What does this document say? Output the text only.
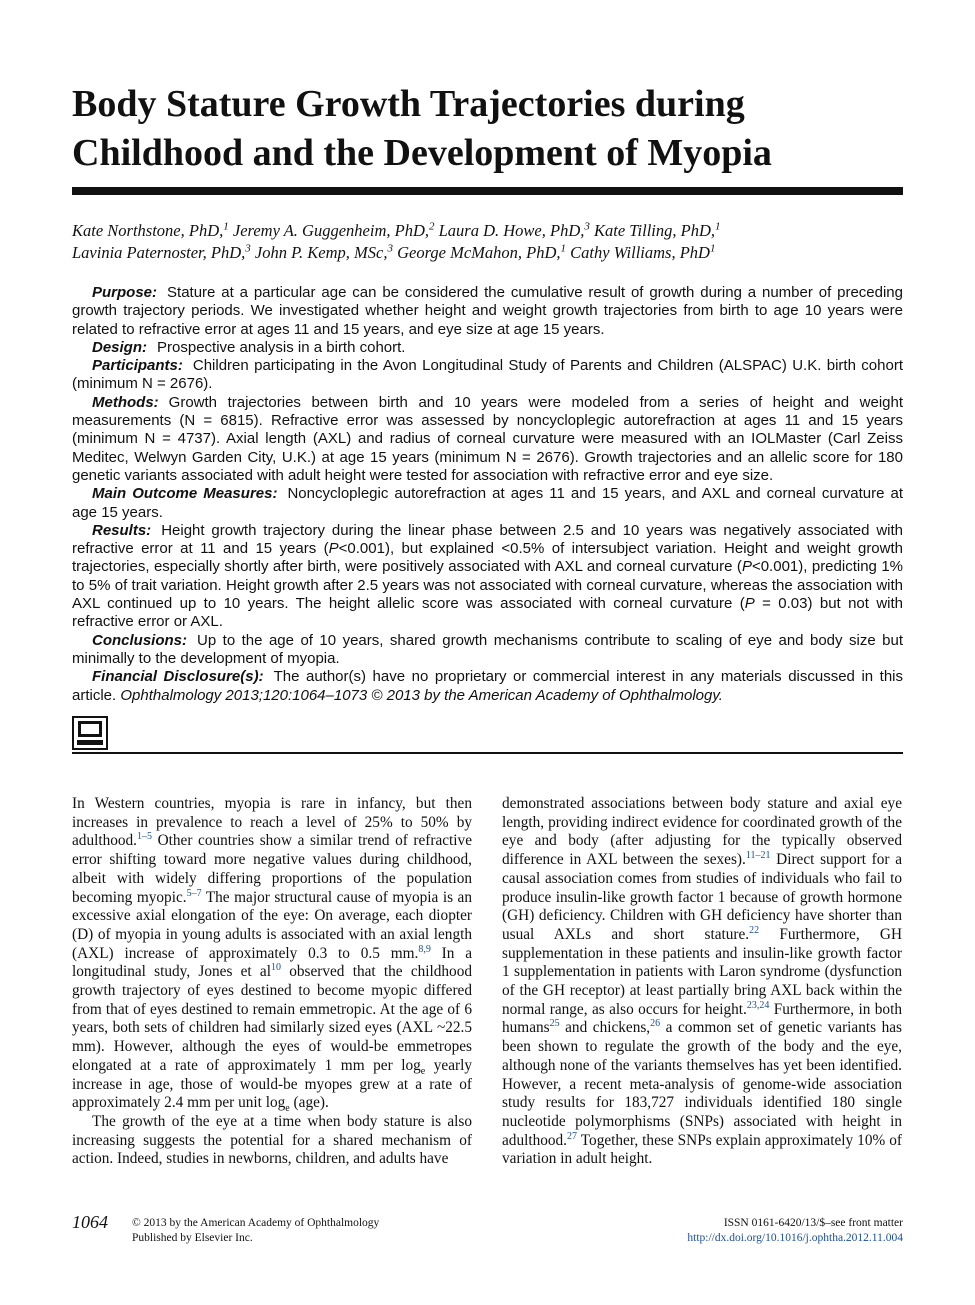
Body Stature Growth Trajectories during Childhood and the Development of Myopia
Kate Northstone, PhD,$^1$ Jeremy A. Guggenheim, PhD,$^2$ Laura D. Howe, PhD,$^3$ Kate Tilling, PhD,$^1$
Lavinia Paternoster, PhD,$^3$ John P. Kemp, MSc,$^3$ George McMahon, PhD,$^1$ Cathy Williams, PhD$^1$

Purpose: Stature at a particular age can be considered the cumulative result of growth during a number of preceding growth trajectory periods. We investigated whether height and weight growth trajectories from birth to age 10 years were related to refractive error at ages 11 and 15 years, and eye size at age 15 years.

Design: Prospective analysis in a birth cohort.

Participants: Children participating in the Avon Longitudinal Study of Parents and Children (ALSPAC) U.K. birth cohort (minimum N = 2676).

Methods: Growth trajectories between birth and 10 years were modeled from a series of height and weight measurements (N = 6815). Refractive error was assessed by noncycloplegic autorefraction at ages 11 and 15 years (minimum N = 4737). Axial length (AXL) and radius of corneal curvature were measured with an IOLMaster (Carl Zeiss Meditec, Welwyn Garden City, U.K.) at age 15 years (minimum N = 2676). Growth trajectories and an allelic score for 180 genetic variants associated with adult height were tested for association with refractive error and eye size.

Main Outcome Measures: Noncycloplegic autorefraction at ages 11 and 15 years, and AXL and corneal curvature at age 15 years.

Results: Height growth trajectory during the linear phase between 2.5 and 10 years was negatively associated with refractive error at 11 and 15 years (P<0.001), but explained <0.5% of intersubject variation. Height and weight growth trajectories, especially shortly after birth, were positively associated with AXL and corneal curvature (P<0.001), predicting 1% to 5% of trait variation. Height growth after 2.5 years was not associated with corneal curvature, whereas the association with AXL continued up to 10 years. The height allelic score was associated with corneal curvature (P = 0.03) but not with refractive error or AXL.

Conclusions: Up to the age of 10 years, shared growth mechanisms contribute to scaling of eye and body size but minimally to the development of myopia.

Financial Disclosure(s): The author(s) have no proprietary or commercial interest in any materials discussed in this article. Ophthalmology 2013;120:1064–1073 © 2013 by the American Academy of Ophthalmology.

In Western countries, myopia is rare in infancy, but then increases in prevalence to reach a level of 25% to 50% by adulthood.$^{1-5}$ Other countries show a similar trend of refractive error shifting toward more negative values during childhood, albeit with widely differing proportions of the population becoming myopic.$^{5-7}$ The major structural cause of myopia is an excessive axial elongation of the eye: On average, each diopter (D) of myopia in young adults is associated with an axial length (AXL) increase of approximately 0.3 to 0.5 mm.$^{8,9}$ In a longitudinal study, Jones et $al^{10}$ observed that the childhood growth trajectory of eyes destined to become myopic differed from that of eyes destined to remain emmetropic. At the age of 6 years, both sets of children had similarly sized eyes (AXL ~22.5 mm). However, although the eyes of would-be emmetropes elongated at a rate of approximately 1 mm per $\log_e$ yearly increase in age, those of would-be myopes grew at a rate of approximately 2.4 mm per unit $\log_e (age)$.

The growth of the eye at a time when body stature is also increasing suggests the potential for a shared mechanism of action. Indeed, studies in newborns, children, and adults have

demonstrated associations between body stature and axial eye length, providing indirect evidence for coordinated growth of the eye and body (after adjusting for the typically observed difference in AXL between the sexes).$^{11-21}$ Direct support for a causal association comes from studies of individuals who fail to produce insulin-like growth factor 1 because of growth hormone (GH) deficiency. Children with GH deficiency have shorter than usual AXLs and short stature.$^{22}$ Furthermore, GH supplementation in these patients and insulin-like growth factor 1 supplementation in patients with Laron syndrome (dysfunction of the GH receptor) at least partially bring AXL back within the normal range, as also occurs for height.$^{23,24}$ Furthermore, in both humans$^{25}$ and chickens,$^{26}$ a common set of genetic variants has been shown to regulate the growth of the body and the eye, although none of the variants themselves has yet been identified. However, a recent meta-analysis of genome-wide association study results for 183,727 individuals identified 180 single nucleotide polymorphisms (SNPs) associated with height in adulthood.$^{27}$ Together, these SNPs explain approximately 10% of variation in adult height.

1064 © 2013 by the American Academy of Ophthalmology
Published by Elsevier Inc.
ISSN 0161-6420/13/$–see front matter
http://dx.doi.org/10.1016/j.ophtha.2012.11.004
